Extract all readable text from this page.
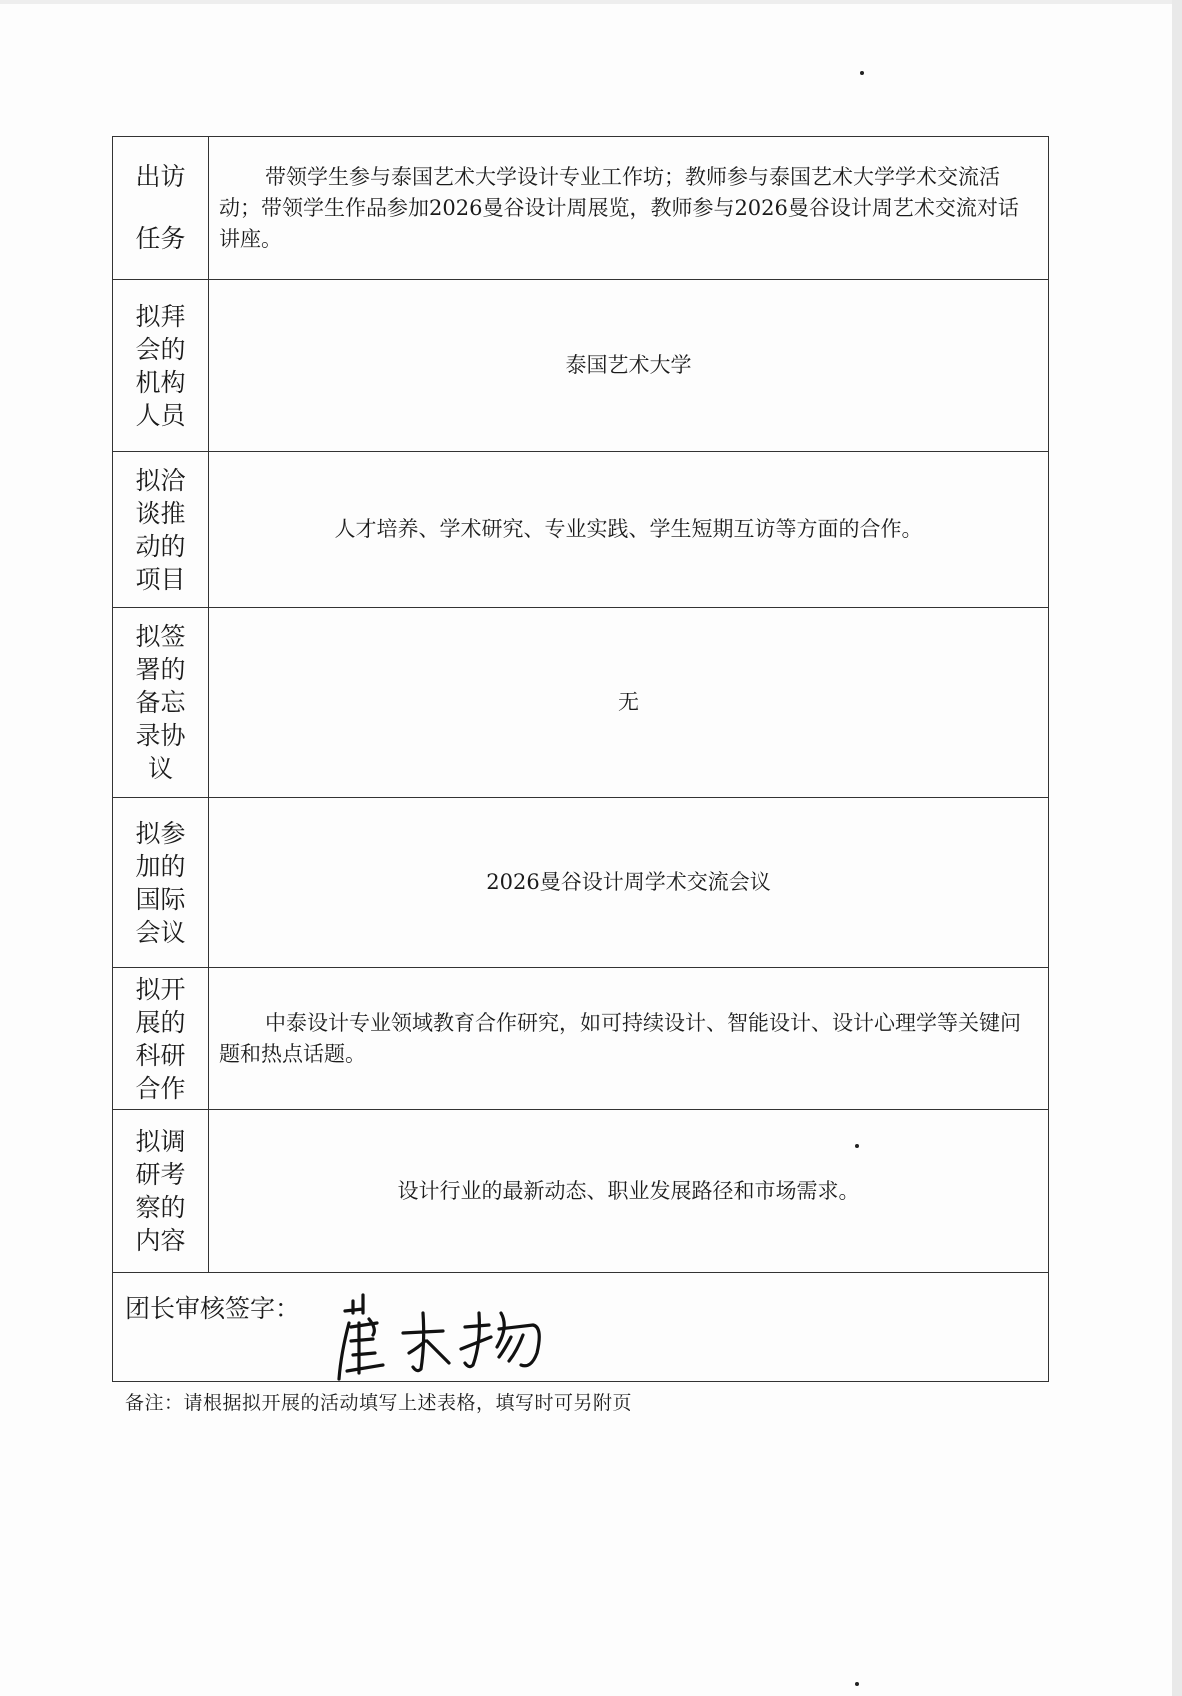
出访任务	带领学生参与泰国艺术大学设计专业工作坊；教师参与泰国艺术大学学术交流活动；带领学生作品参加2026曼谷设计周展览，教师参与2026曼谷设计周艺术交流对话讲座。

拟拜会的机构人员	泰国艺术大学

拟洽谈推动的项目	人才培养、学术研究、专业实践、学生短期互访等方面的合作。

拟签署的备忘录协议	无

拟参加的国际会议	2026曼谷设计周学术交流会议

拟开展的科研合作	中泰设计专业领域教育合作研究，如可持续设计、智能设计、设计心理学等关键问题和热点话题。

拟调研考察的内容	设计行业的最新动态、职业发展路径和市场需求。

团长审核签字：	
备注：请根据拟开展的活动填写上述表格，填写时可另附页
